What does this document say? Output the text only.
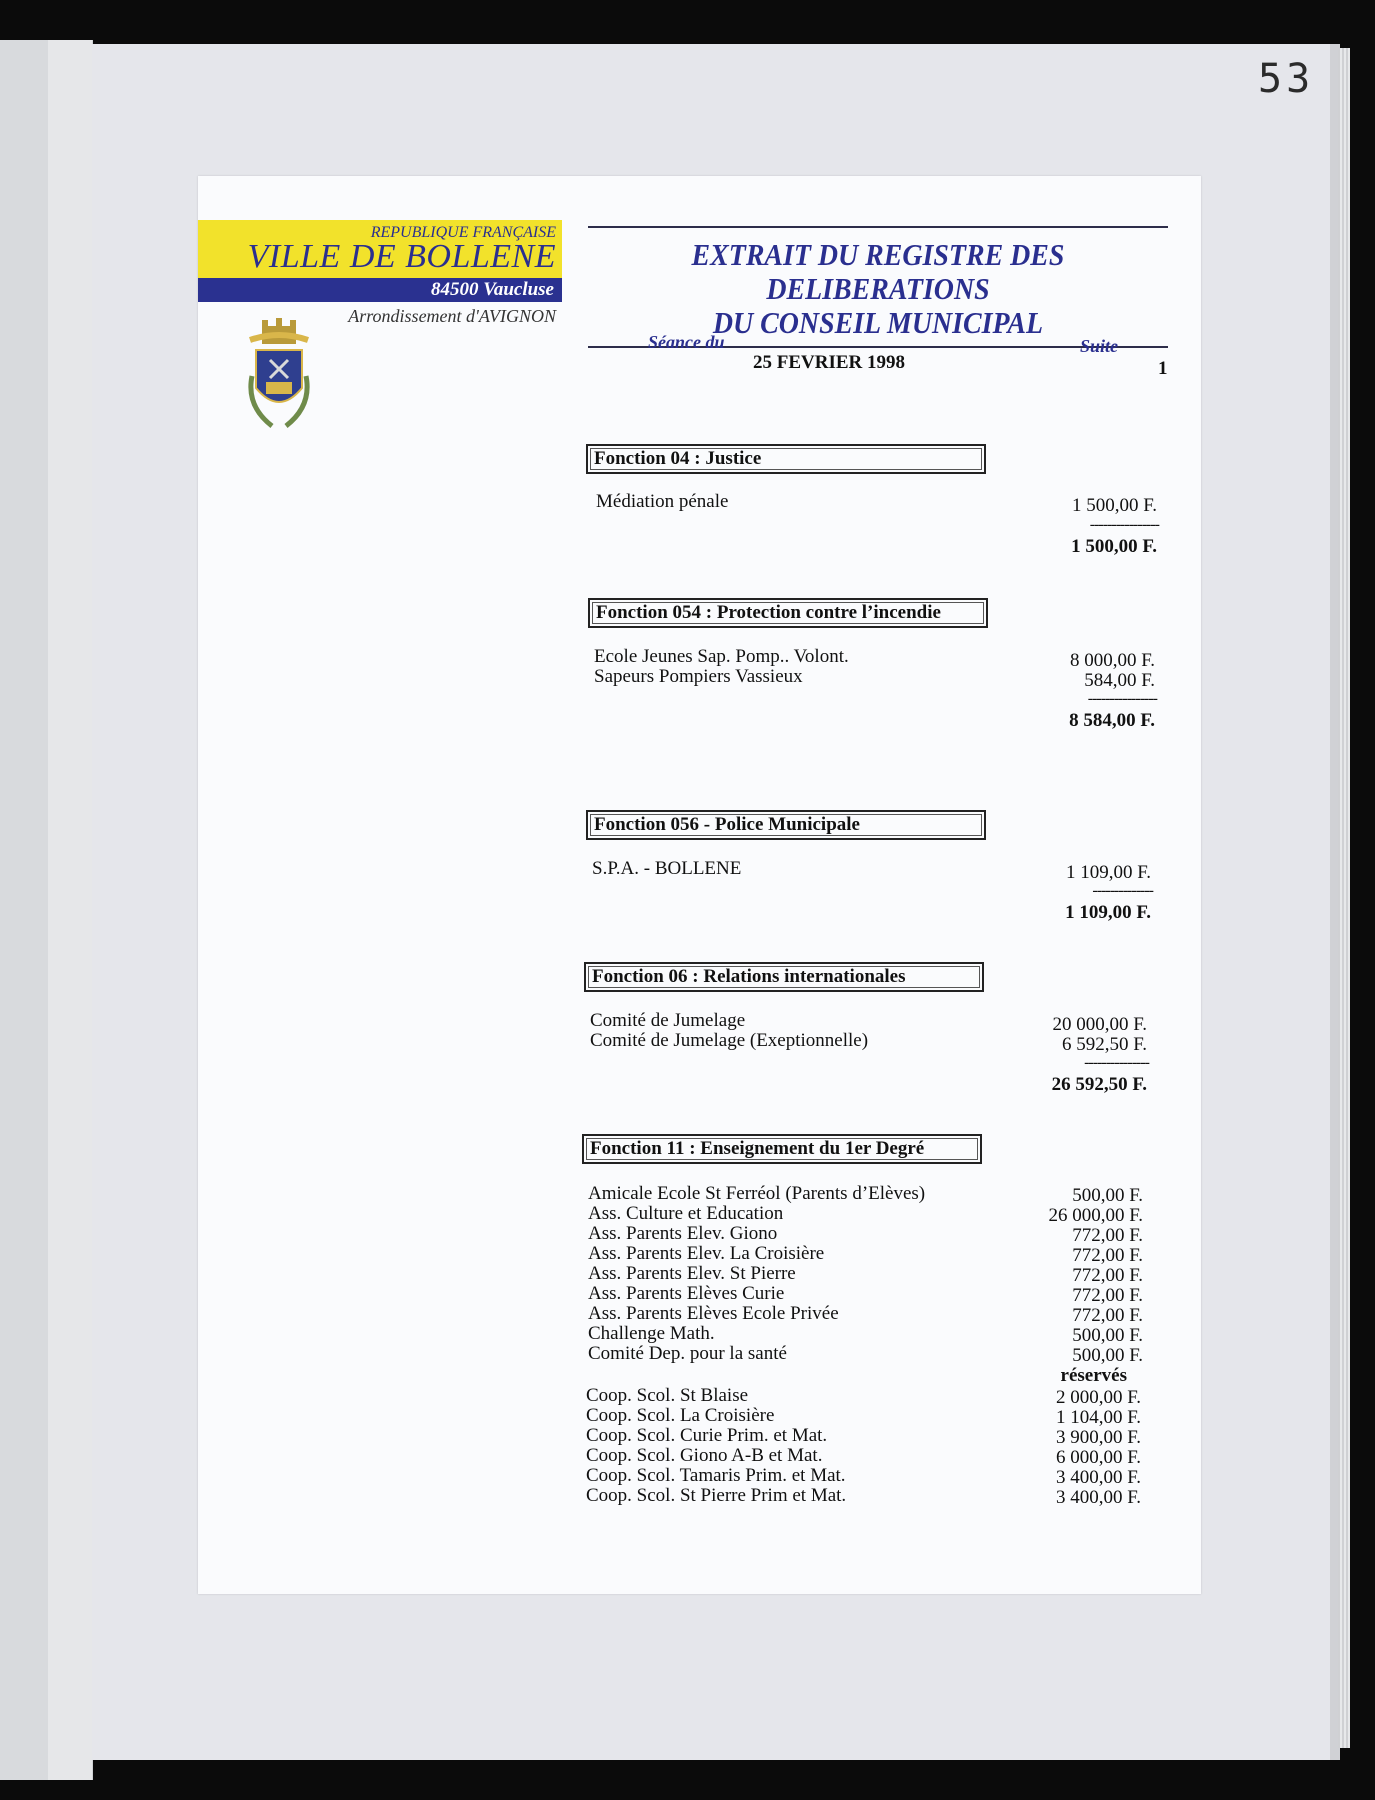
53
REPUBLIQUE FRANÇAISE
VILLE DE BOLLENE
84500 Vaucluse
Arrondissement d'AVIGNON
EXTRAIT DU REGISTRE DES DELIBERATIONS
DU CONSEIL MUNICIPAL
Séance du
25 FEVRIER 1998
Suite
1
Fonction 04 : Justice
Médiation pénale	1 500,00 F.
----------------
1 500,00 F.
Fonction 054 : Protection contre l’incendie
Ecole Jeunes Sap. Pomp.. Volont.	8 000,00 F.
Sapeurs Pompiers Vassieux	584,00 F.
----------------
8 584,00 F.
Fonction 056 - Police Municipale
S.P.A. - BOLLENE	1 109,00 F.
--------------
1 109,00 F.
Fonction 06 : Relations internationales
Comité de Jumelage	20 000,00 F.
Comité de Jumelage (Exeptionnelle)	6 592,50 F.
---------------
26 592,50 F.
Fonction 11 : Enseignement du 1er Degré
Amicale Ecole St Ferréol (Parents d’Elèves)	500,00 F.
Ass. Culture et Education	26 000,00 F.
Ass. Parents Elev. Giono	772,00 F.
Ass. Parents Elev. La Croisière	772,00 F.
Ass. Parents Elev. St Pierre	772,00 F.
Ass. Parents Elèves Curie	772,00 F.
Ass. Parents Elèves Ecole Privée	772,00 F.
Challenge Math.	500,00 F.
Comité Dep. pour la santé	500,00 F.
réservés
Coop. Scol. St Blaise	2 000,00 F.
Coop. Scol. La Croisière	1 104,00 F.
Coop. Scol. Curie Prim. et Mat.	3 900,00 F.
Coop. Scol. Giono A-B et Mat.	6 000,00 F.
Coop. Scol. Tamaris Prim. et Mat.	3 400,00 F.
Coop. Scol. St Pierre Prim et Mat.	3 400,00 F.
